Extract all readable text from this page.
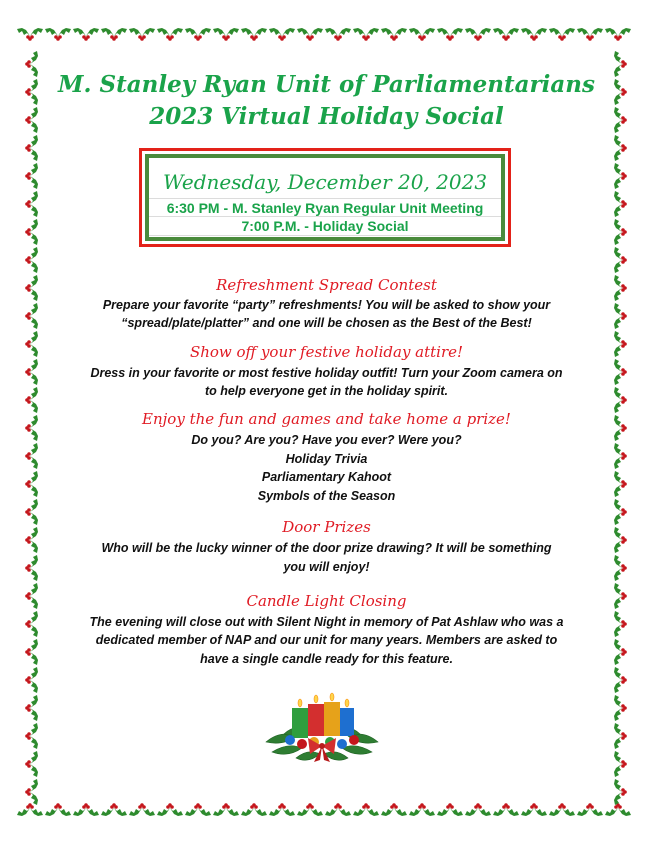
M. Stanley Ryan Unit of Parliamentarians
2023 Virtual Holiday Social
Wednesday, December 20, 2023
6:30 PM - M. Stanley Ryan Regular Unit Meeting
7:00 P.M. - Holiday Social
Refreshment Spread Contest
Prepare your favorite “party” refreshments! You will be asked to show your
“spread/plate/platter” and one will be chosen as the Best of the Best!
Show off your festive holiday attire!
Dress in your favorite or most festive holiday outfit! Turn your Zoom camera on
to help everyone get in the holiday spirit.
Enjoy the fun and games and take home a prize!
Do you? Are you? Have you ever? Were you?
Holiday Trivia
Parliamentary Kahoot
Symbols of the Season
Door Prizes
Who will be the lucky winner of the door prize drawing? It will be something
you will enjoy!
Candle Light Closing
The evening will close out with Silent Night in memory of Pat Ashlaw who was a
dedicated member of NAP and our unit for many years. Members are asked to
have a single candle ready for this feature.
